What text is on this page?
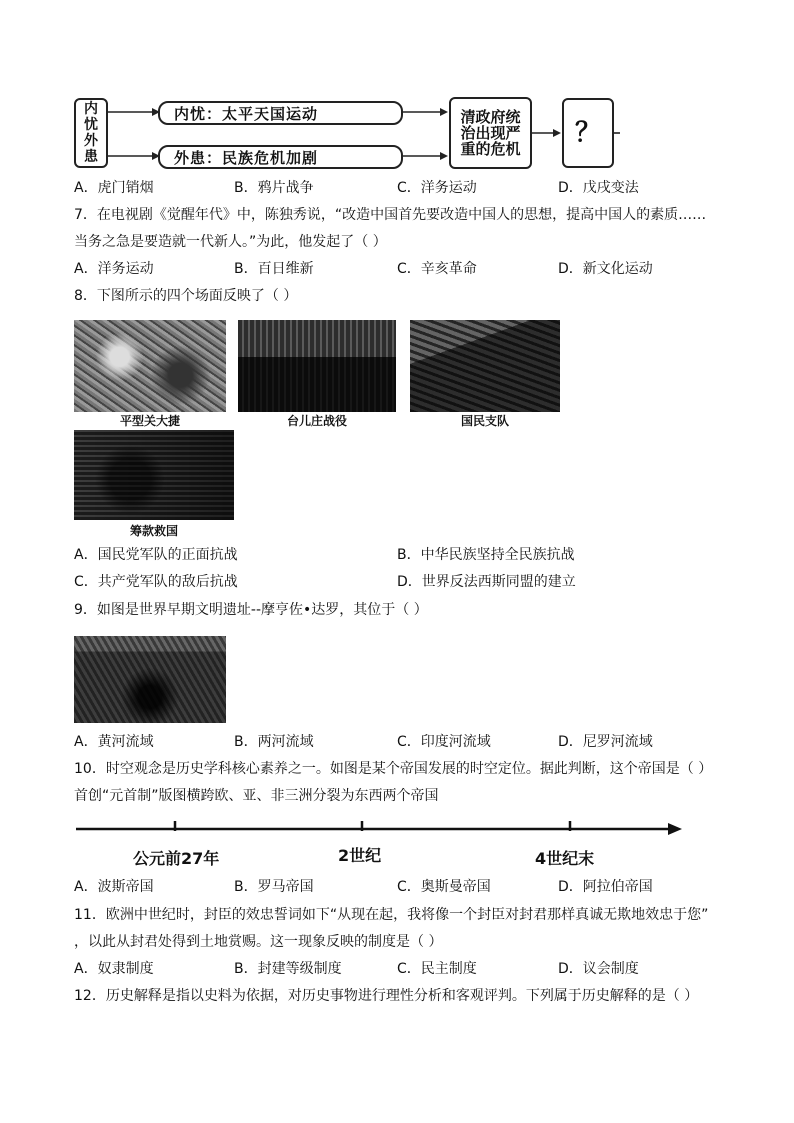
内忧外患
内忧：太平天国运动
外患：民族危机加剧
清政府统治出现严重的危机
？
A．虎门销烟	B．鸦片战争	C．洋务运动	D．戊戌变法
7．在电视剧《觉醒年代》中，陈独秀说，“改造中国首先要改造中国人的思想，提高中国人的素质……
当务之急是要造就一代新人。”为此，他发起了（ ）
A．洋务运动	B．百日维新	C．辛亥革命	D．新文化运动
8．下图所示的四个场面反映了（ ）
平型关大捷	台儿庄战役	国民支队
筹款救国
A．国民党军队的正面抗战	B．中华民族坚持全民族抗战
C．共产党军队的敌后抗战	D．世界反法西斯同盟的建立
9．如图是世界早期文明遗址--摩亨佐•达罗，其位于（ ）
A．黄河流域	B．两河流域	C．印度河流域	D．尼罗河流域
10．时空观念是历史学科核心素养之一。如图是某个帝国发展的时空定位。据此判断，这个帝国是（ ）
首创“元首制”版图横跨欧、亚、非三洲分裂为东西两个帝国
公元前27年	2世纪	4世纪末
A．波斯帝国	B．罗马帝国	C．奥斯曼帝国	D．阿拉伯帝国
11．欧洲中世纪时，封臣的效忠誓词如下“从现在起，我将像一个封臣对封君那样真诚无欺地效忠于您”
，以此从封君处得到土地赏赐。这一现象反映的制度是（ ）
A．奴隶制度	B．封建等级制度	C．民主制度	D．议会制度
12．历史解释是指以史料为依据，对历史事物进行理性分析和客观评判。下列属于历史解释的是（ ）
